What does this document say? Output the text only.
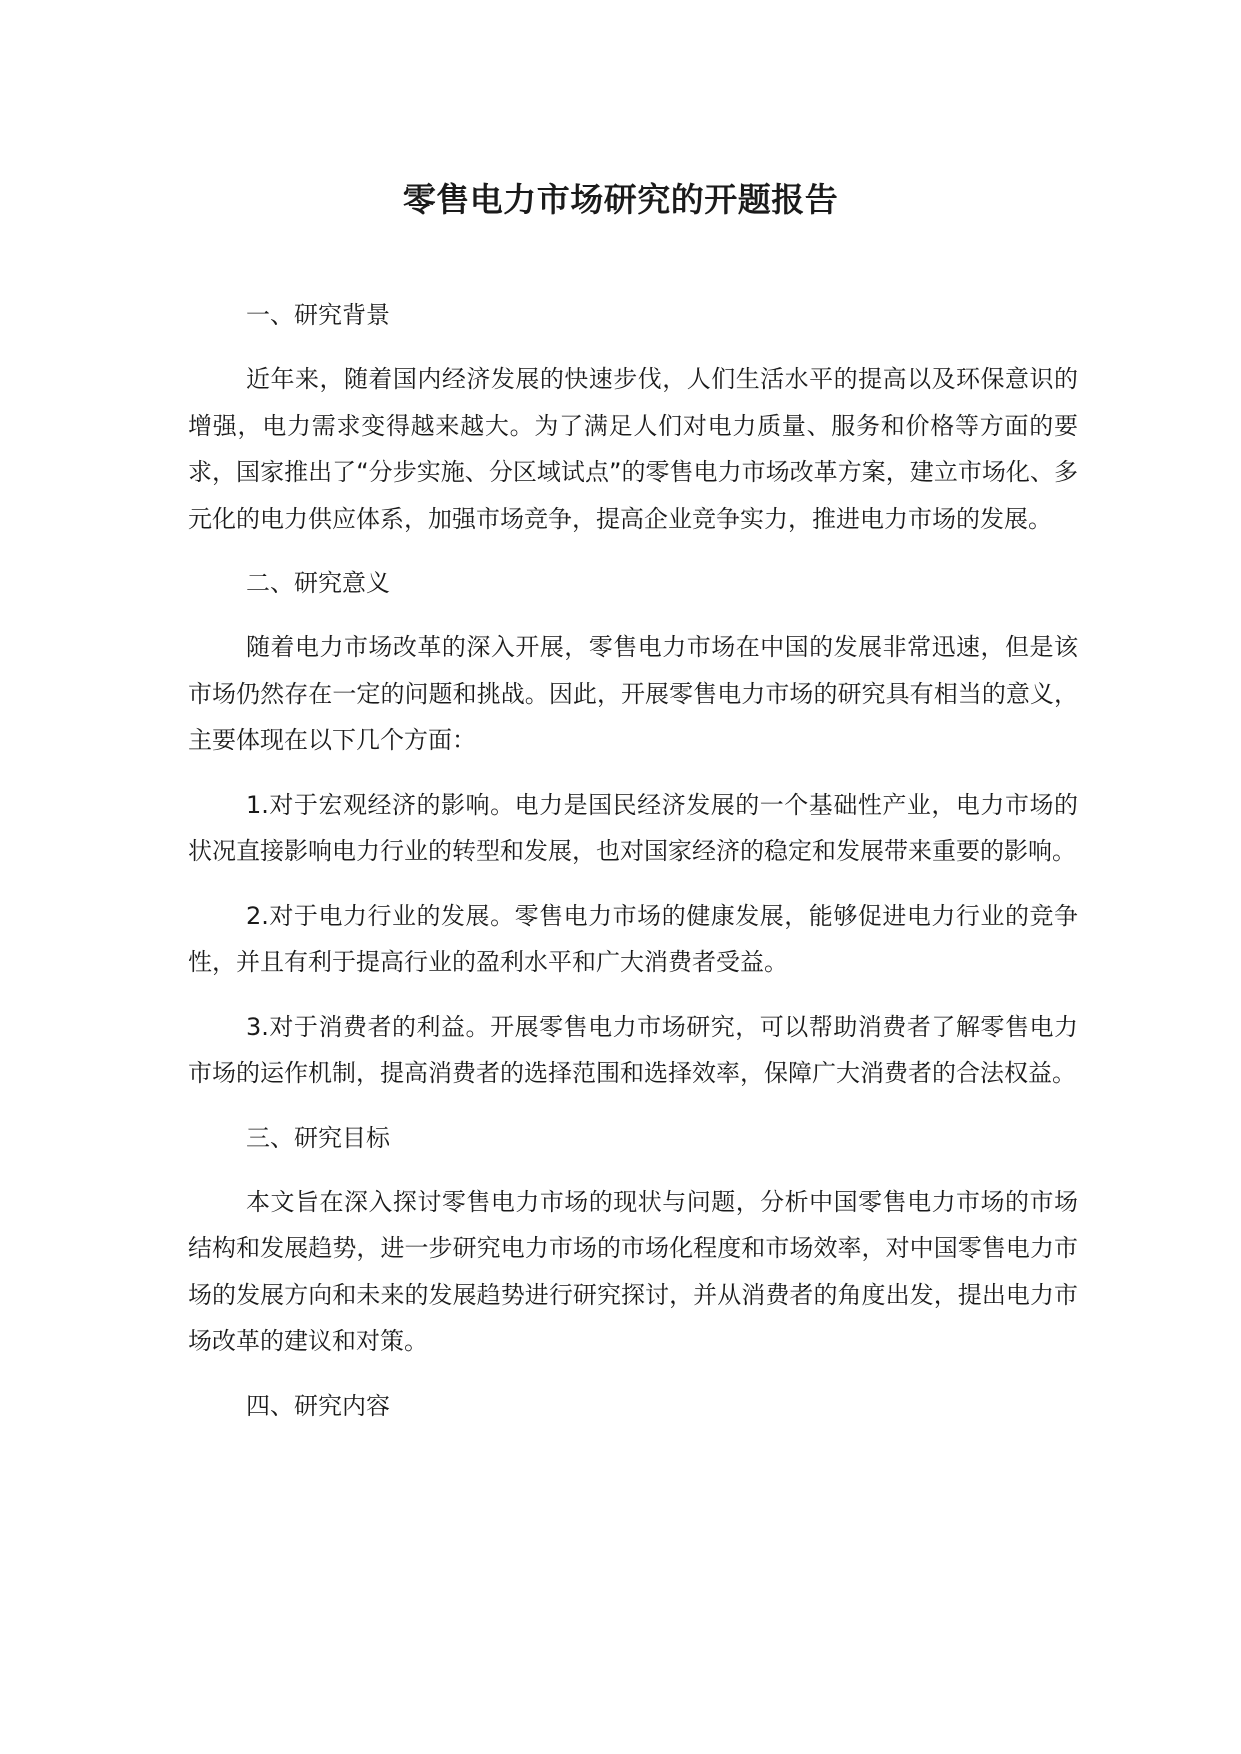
零售电力市场研究的开题报告

一、研究背景

近年来，随着国内经济发展的快速步伐，人们生活水平的提高以及环保意识的增强，电力需求变得越来越大。为了满足人们对电力质量、服务和价格等方面的要求，国家推出了“分步实施、分区域试点”的零售电力市场改革方案，建立市场化、多元化的电力供应体系，加强市场竞争，提高企业竞争实力，推进电力市场的发展。

二、研究意义

随着电力市场改革的深入开展，零售电力市场在中国的发展非常迅速，但是该市场仍然存在一定的问题和挑战。因此，开展零售电力市场的研究具有相当的意义，主要体现在以下几个方面：

1.对于宏观经济的影响。电力是国民经济发展的一个基础性产业，电力市场的状况直接影响电力行业的转型和发展，也对国家经济的稳定和发展带来重要的影响。

2.对于电力行业的发展。零售电力市场的健康发展，能够促进电力行业的竞争性，并且有利于提高行业的盈利水平和广大消费者受益。

3.对于消费者的利益。开展零售电力市场研究，可以帮助消费者了解零售电力市场的运作机制，提高消费者的选择范围和选择效率，保障广大消费者的合法权益。

三、研究目标

本文旨在深入探讨零售电力市场的现状与问题，分析中国零售电力市场的市场结构和发展趋势，进一步研究电力市场的市场化程度和市场效率，对中国零售电力市场的发展方向和未来的发展趋势进行研究探讨，并从消费者的角度出发，提出电力市场改革的建议和对策。

四、研究内容
